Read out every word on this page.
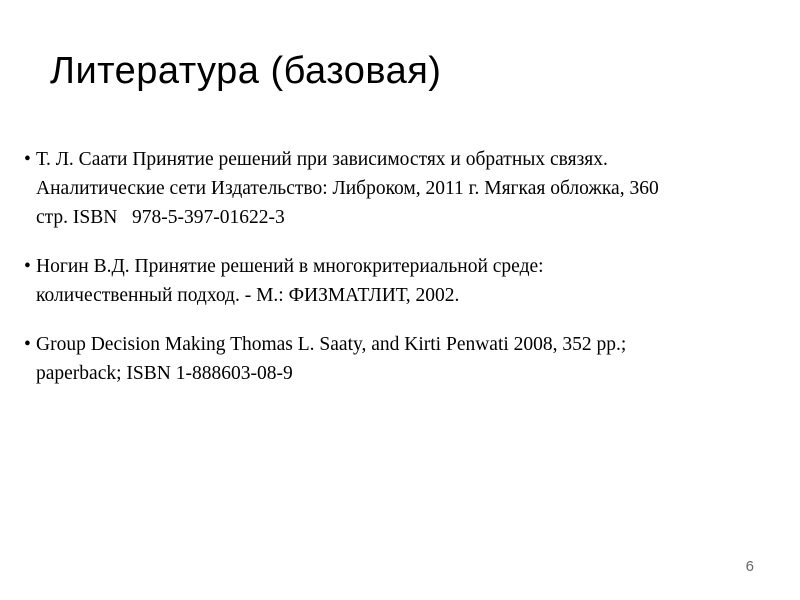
Литература (базовая)
• Т. Л. Саати Принятие решений при зависимостях и обратных связях.
Аналитические сети Издательство: Либроком, 2011 г. Мягкая обложка, 360
стр. ISBN   978-5-397-01622-3
• Ногин В.Д. Принятие решений в многокритериальной среде:
количественный подход. - М.: ФИЗМАТЛИТ, 2002.
• Group Decision Making Thomas L. Saaty, and Kirti Penwati 2008, 352 pp.;
paperback; ISBN 1-888603-08-9
6
